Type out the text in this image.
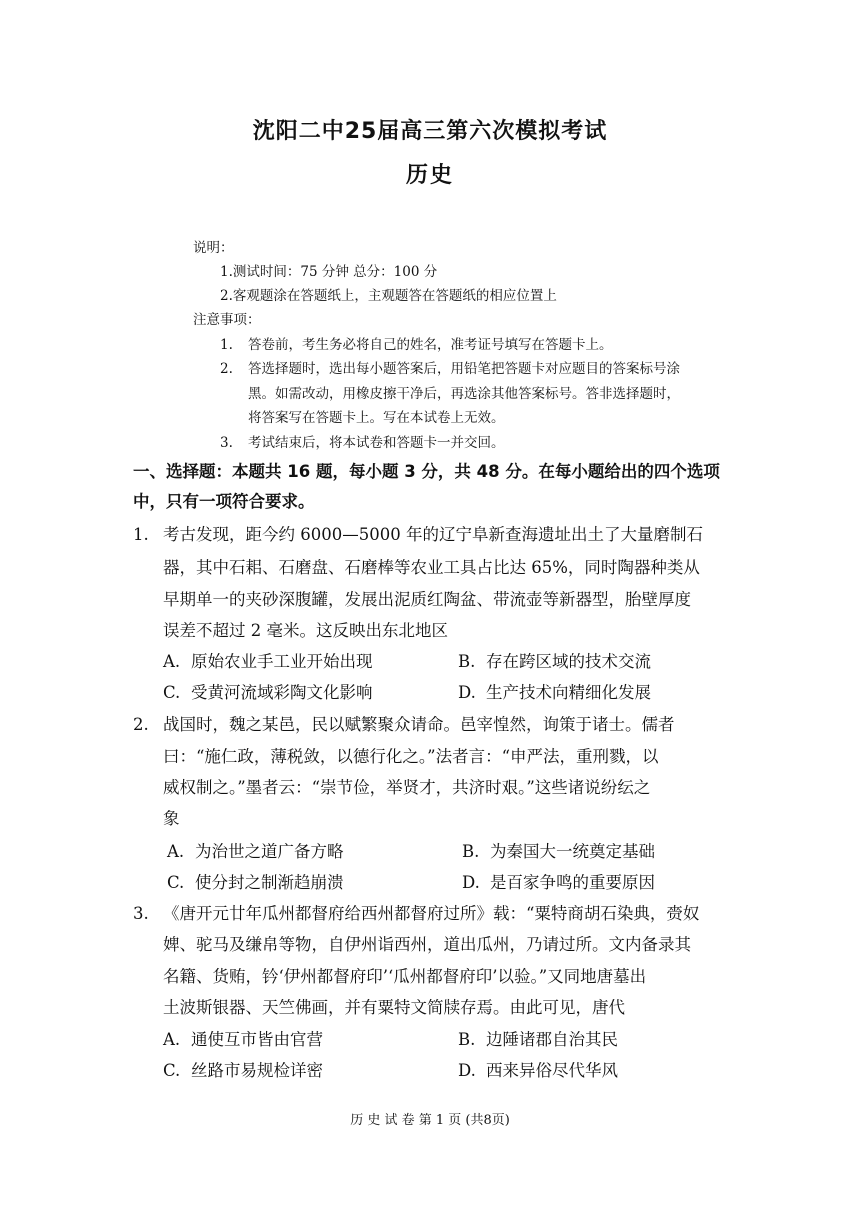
沈阳二中25届高三第六次模拟考试
历史
说明：
1.测试时间：75 分钟 总分：100 分
2.客观题涂在答题纸上，主观题答在答题纸的相应位置上
注意事项：
1. 答卷前，考生务必将自己的姓名，准考证号填写在答题卡上。
2. 答选择题时，选出每小题答案后，用铅笔把答题卡对应题目的答案标号涂
黑。如需改动，用橡皮擦干净后，再选涂其他答案标号。答非选择题时，
将答案写在答题卡上。写在本试卷上无效。
3. 考试结束后，将本试卷和答题卡一并交回。
一、选择题：本题共 16 题，每小题 3 分，共 48 分。在每小题给出的四个选项
中，只有一项符合要求。
1. 考古发现，距今约 6000—5000 年的辽宁阜新查海遗址出土了大量磨制石
器，其中石耜、石磨盘、石磨棒等农业工具占比达 65%，同时陶器种类从
早期单一的夹砂深腹罐，发展出泥质红陶盆、带流壶等新器型，胎壁厚度
误差不超过 2 毫米。这反映出东北地区
A. 原始农业手工业开始出现	B. 存在跨区域的技术交流
C. 受黄河流域彩陶文化影响	D. 生产技术向精细化发展
2. 战国时，魏之某邑，民以赋繁聚众请命。邑宰惶然，询策于诸士。儒者
曰：“施仁政，薄税敛，以德行化之。”法者言：“申严法，重刑戮，以
威权制之。”墨者云：“崇节俭，举贤才，共济时艰。”这些诸说纷纭之
象
A. 为治世之道广备方略	B. 为秦国大一统奠定基础
C. 使分封之制渐趋崩溃	D. 是百家争鸣的重要原因
3. 《唐开元廿年瓜州都督府给西州都督府过所》载：“粟特商胡石染典，赍奴
婢、驼马及缣帛等物，自伊州诣西州，道出瓜州，乃请过所。文内备录其
名籍、货贿，钤‘伊州都督府印’‘瓜州都督府印’以验。”又同地唐墓出
土波斯银器、天竺佛画，并有粟特文简牍存焉。由此可见，唐代
A. 通使互市皆由官营	B. 边陲诸郡自治其民
C. 丝路市易规检详密	D. 西来异俗尽代华风
历 史 试 卷 第 1 页 (共8页)
